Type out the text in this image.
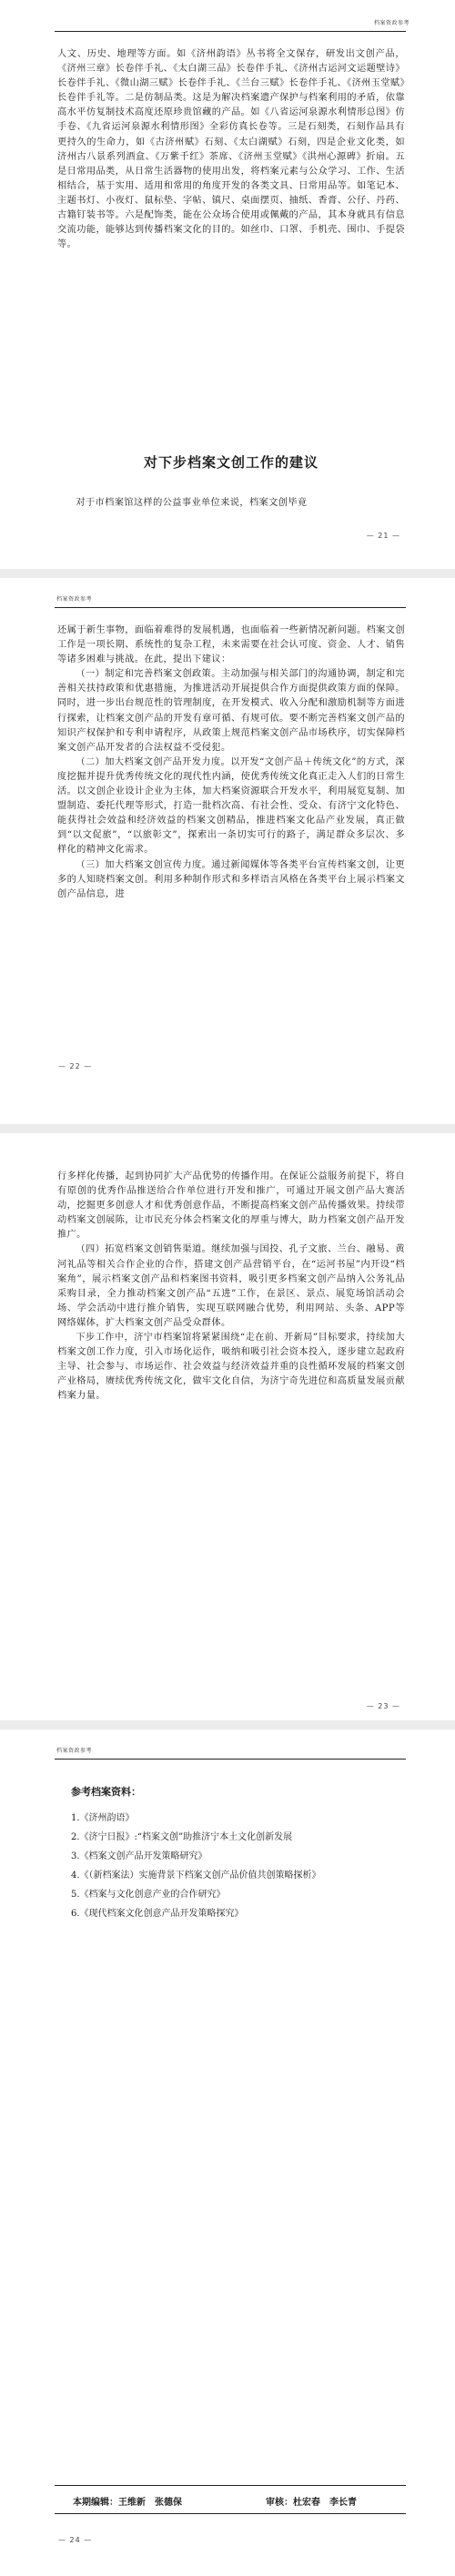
档案资政参考

人文、历史、地理等方面。如《济州韵语》丛书将全文保存，研发出文创产品，《济州三章》长卷伴手礼、《太白湖三品》长卷伴手礼、《济州古运河文运题壁诗》长卷伴手礼、《微山湖三赋》长卷伴手礼、《兰台三赋》长卷伴手礼、《济州玉堂赋》长卷伴手礼等。二是仿制品类。这是为解决档案遗产保护与档案利用的矛盾，依靠高水平仿复制技术高度还原珍贵馆藏的产品。如《八省运河泉源水利情形总图》仿手卷、《九省运河泉源水利情形图》全彩仿真长卷等。三是石刻类，石刻作品具有更持久的生命力，如《古济州赋》石刻、《太白湖赋》石刻，四是企业文化类，如济州古八景系列酒盒、《万紫千红》茶席、《济州玉堂赋》《洪州心源碑》折扇。五是日常用品类，从日常生活器物的使用出发，将档案元素与公众学习、工作、生活相结合，基于实用、适用和常用的角度开发的各类文具、日常用品等。如笔记本、主题书灯、小夜灯、鼠标垫、字帖、镇尺、桌面摆页、抽纸、香膏、公仔、丹药、古籍钉装书等。六是配饰类，能在公众场合使用或佩戴的产品，其本身就具有信息交流功能，能够达到传播档案文化的目的。如丝巾、口罩、手机壳、围巾、手提袋等。

对下步档案文创工作的建议

对于市档案馆这样的公益事业单位来说，档案文创毕竟

— 21 —
档案资政参考

还属于新生事物，面临着难得的发展机遇，也面临着一些新情况新问题。档案文创工作是一项长期、系统性的复杂工程，未来需要在社会认可度、资金、人才、销售等诸多困难与挑战。在此，提出下建议：

（一）制定和完善档案文创政策。主动加强与相关部门的沟通协调，制定和完善相关扶持政策和优惠措施，为推进活动开展提供合作方面提供政策方面的保障。同时，进一步出台规范性的管理制度，在开发模式、收入分配和激励机制等方面进行探索，让档案文创产品的开发有章可循、有规可依。要不断完善档案文创产品的知识产权保护和专利申请程序，从政策上规范档案文创产品市场秩序，切实保障档案文创产品开发者的合法权益不受侵犯。

（二）加大档案文创产品开发力度。以开发“文创产品＋传统文化”的方式，深度挖掘并提升优秀传统文化的现代性内涵，使优秀传统文化真正走入人们的日常生活。以文创企业设计企业为主体，加大档案资源联合开发水平，利用展览复制、加盟制造、委托代理等形式，打造一批档次高、有社会性、受众、有济宁文化特色、能获得社会效益和经济效益的档案文创精品，推进档案文化品产业发展，真正做到“以文促旅”，“以旅彰文”，探索出一条切实可行的路子，满足群众多层次、多样化的精神文化需求。

（三）加大档案文创宣传力度。通过新闻媒体等各类平台宣传档案文创，让更多的人知晓档案文创。利用多种制作形式和多样语言风格在各类平台上展示档案文创产品信息，进

— 22 —

行多样化传播，起到协同扩大产品优势的传播作用。在保证公益服务前提下，将自有原创的优秀作品推送给合作单位进行开发和推广，可通过开展文创产品大赛活动，挖掘更多创意人才和优秀创意作品，不断提高档案文创产品传播效果。持续带动档案文创展陈，让市民充分体会档案文化的厚重与博大，助力档案文创产品开发推广。

（四）拓宽档案文创销售渠道。继续加强与国投、孔子文旅、兰台、融易、黄河礼品等相关合作企业的合作，搭建文创产品营销平台，在“运河书屋”内开设“档案角”，展示档案文创产品和档案图书资料，吸引更多档案文创产品纳入公务礼品采购目录，全力推动档案文创产品“五进”工作，在景区、景点、展览场馆活动会场、学会活动中进行推介销售，实现互联网融合优势，利用网站、头条、APP等网络媒体，扩大档案文创产品受众群体。

下步工作中，济宁市档案馆将紧紧围绕“走在前、开新局”目标要求，持续加大档案文创工作力度，引入市场化运作，吸纳和吸引社会资本投入，逐步建立起政府主导、社会参与、市场运作、社会效益与经济效益并重的良性循环发展的档案文创产业格局，赓续优秀传统文化，做牢文化自信，为济宁奇先进位和高质量发展贡献档案力量。

— 23 —
档案资政参考
参考档案资料：
1.《济州韵语》
2.《济宁日报》:“档案文创”助推济宁本土文化创新发展
3.《档案文创产品开发策略研究》
4.《（新档案法）实施背景下档案文创产品价值共创策略探析》
5.《档案与文化创意产业的合作研究》
6.《现代档案文化创意产品开发策略探究》
本期编辑：王维新　张德保	审核：杜宏春　李长青
— 24 —
